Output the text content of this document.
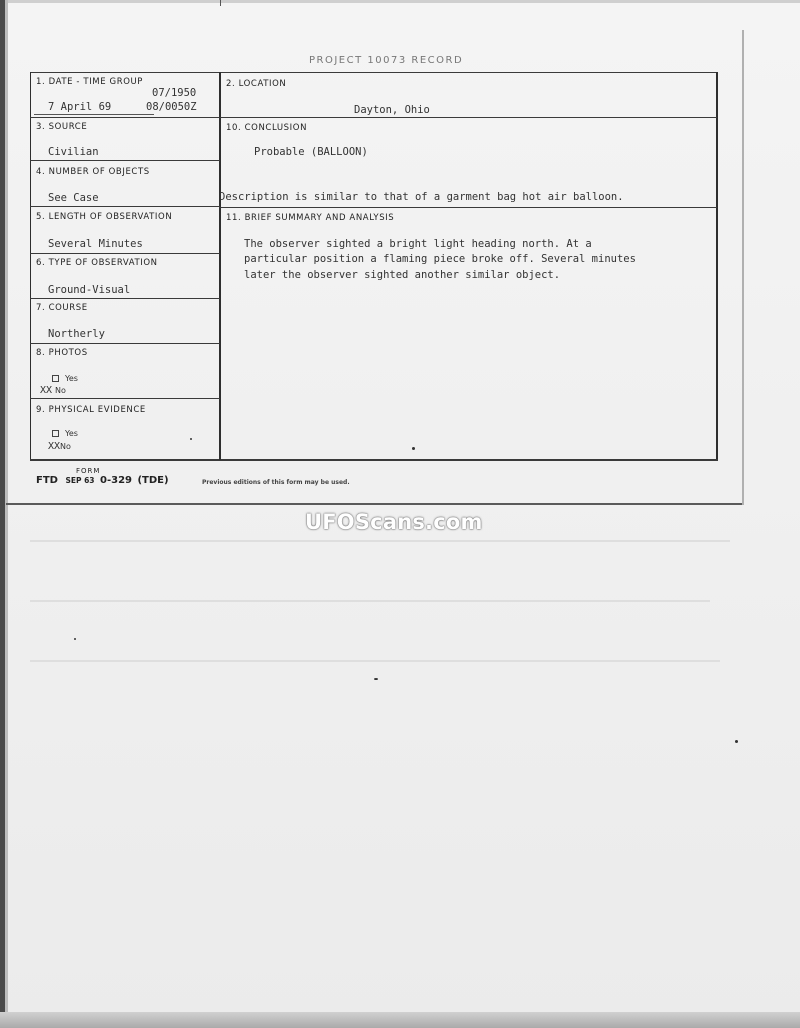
PROJECT 10073 RECORD
1. DATE - TIME GROUP
07/1950
7 April 69	08/0050Z
2. LOCATION
Dayton, Ohio
3. SOURCE
Civilian
10. CONCLUSION
Probable (BALLOON)
Description is similar to that of a garment bag hot air balloon.
4. NUMBER OF OBJECTS
See Case
5. LENGTH OF OBSERVATION
Several Minutes
11. BRIEF SUMMARY AND ANALYSIS
The observer sighted a bright light heading north. At a
particular position a flaming piece broke off. Several minutes
later the observer sighted another similar object.
6. TYPE OF OBSERVATION
Ground-Visual
7. COURSE
Northerly
8. PHOTOS
Yes
XX No
9. PHYSICAL EVIDENCE
Yes
XXNo
FORM
FTD SEP 63 0-329 (TDE)	Previous editions of this form may be used.
UFOScans.com
